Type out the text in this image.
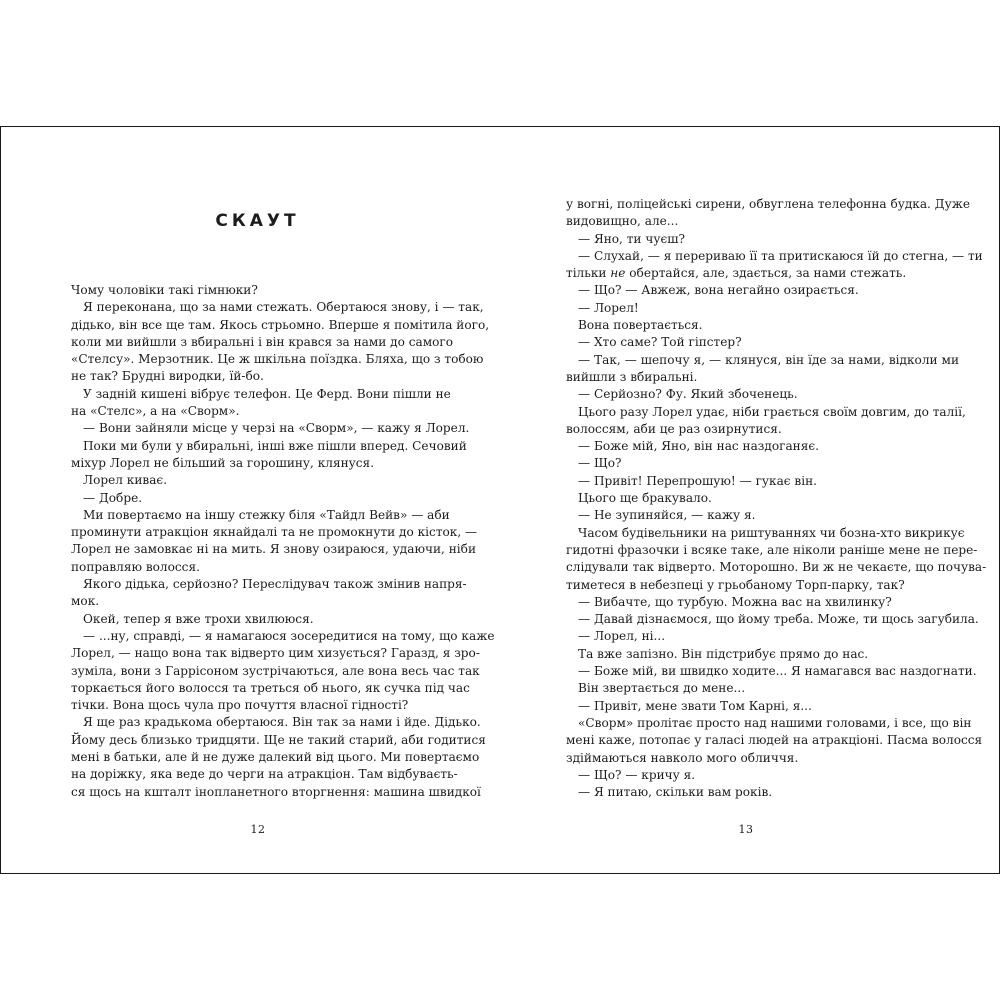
СКАУТ
Чому чоловіки такі гімнюки?
Я переконана, що за нами стежать. Обертаюся знову, і — так,
дідько, він все ще там. Якось стрьомно. Вперше я помітила його,
коли ми вийшли з вбиральні і він крався за нами до самого
«Стелсу». Мерзотник. Це ж шкільна поїздка. Бляха, що з тобою
не так? Брудні виродки, їй-бо.
У задній кишені вібрує телефон. Це Ферд. Вони пішли не
на «Стелс», а на «Сворм».
— Вони зайняли місце у черзі на «Сворм», — кажу я Лорел.
Поки ми були у вбиральні, інші вже пішли вперед. Сечовий
міхур Лорел не більший за горошину, клянуся.
Лорел киває.
— Добре.
Ми повертаємо на іншу стежку біля «Тайдл Вейв» — аби
проминути атракціон якнайдалі та не промокнути до кісток, —
Лорел не замовкає ні на мить. Я знову озираюся, удаючи, ніби
поправляю волосся.
Якого дідька, серйозно? Переслідувач також змінив напря-
мок.
Окей, тепер я вже трохи хвилююся.
— ...ну, справді, — я намагаюся зосередитися на тому, що каже
Лорел, — нащо вона так відверто цим хизується? Гаразд, я зро-
зуміла, вони з Гаррісоном зустрічаються, але вона весь час так
торкається його волосся та треться об нього, як сучка під час
тічки. Вона щось чула про почуття власної гідності?
Я ще раз крадькома обертаюся. Він так за нами і йде. Дідько.
Йому десь близько тридцяти. Ще не такий старий, аби годитися
мені в батьки, але й не дуже далекий від цього. Ми повертаємо
на доріжку, яка веде до черги на атракціон. Там відбуваєть-
ся щось на кшталт інопланетного вторгнення: машина швидкої
12
у вогні, поліцейські сирени, обвуглена телефонна будка. Дуже
видовищно, але...
— Яно, ти чуєш?
— Слухай, — я перериваю її та притискаюся їй до стегна, — ти
тільки не обертайся, але, здається, за нами стежать.
— Що? — Авжеж, вона негайно озирається.
— Лорел!
Вона повертається.
— Хто саме? Той гіпстер?
— Так, — шепочу я, — клянуся, він їде за нами, відколи ми
вийшли з вбиральні.
— Серйозно? Фу. Який збоченець.
Цього разу Лорел удає, ніби грається своїм довгим, до талії,
волоссям, аби це раз озирнутися.
— Боже мій, Яно, він нас наздоганяє.
— Що?
— Привіт! Перепрошую! — гукає він.
Цього ще бракувало.
— Не зупиняйся, — кажу я.
Часом будівельники на риштуваннях чи бозна-хто викрикує
гидотні фразочки і всяке таке, але ніколи раніше мене не пере-
слідували так відверто. Моторошно. Ви ж не чекаєте, що почува-
тиметеся в небезпеці у грьобаному Торп-парку, так?
— Вибачте, що турбую. Можна вас на хвилинку?
— Давай дізнаємося, що йому треба. Може, ти щось загубила.
— Лорел, ні...
Та вже запізно. Він підстрибує прямо до нас.
— Боже мій, ви швидко ходите... Я намагався вас наздогнати.
Він звертається до мене...
— Привіт, мене звати Том Карні, я...
«Сворм» пролітає просто над нашими головами, і все, що він
мені каже, потопає у галасі людей на атракціоні. Пасма волосся
здіймаються навколо мого обличчя.
— Що? — кричу я.
— Я питаю, скільки вам років.
13
